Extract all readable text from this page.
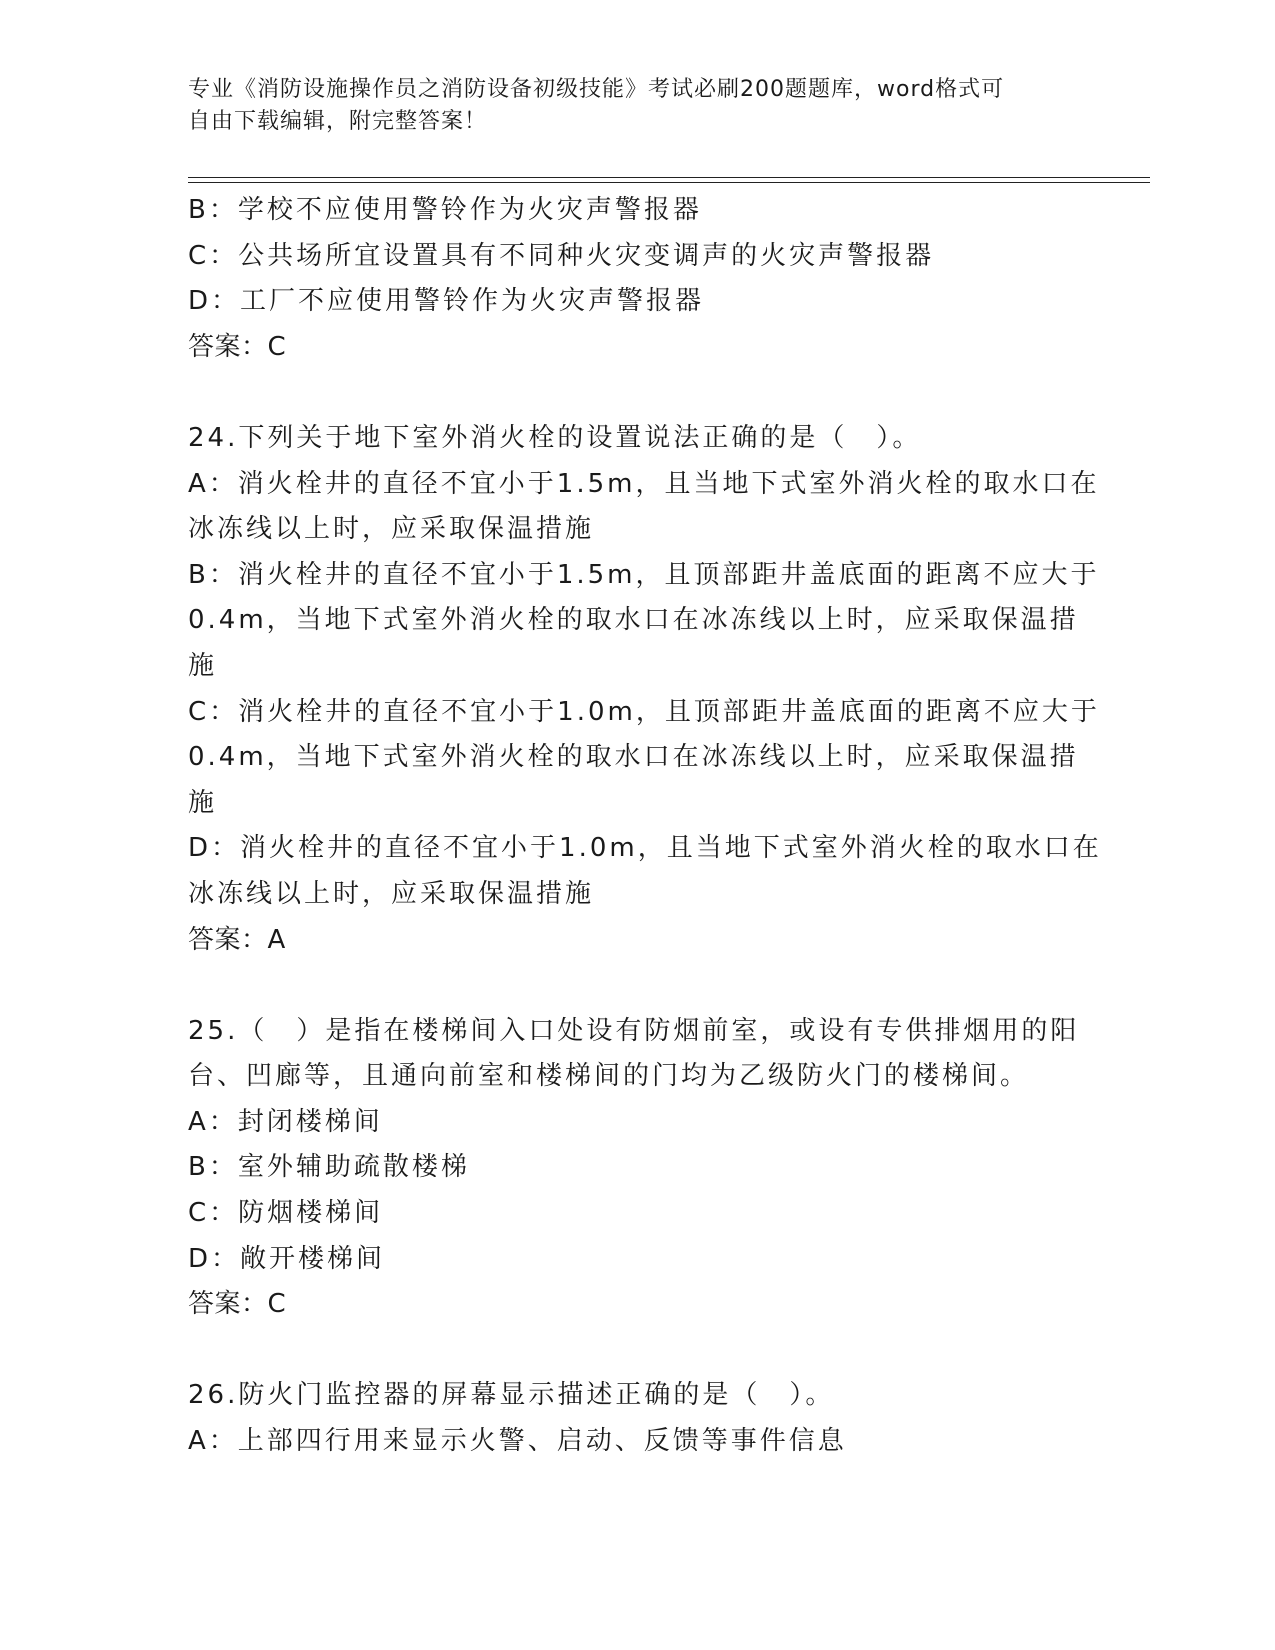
专业《消防设施操作员之消防设备初级技能》考试必刷200题题库，word格式可
自由下载编辑，附完整答案！
B：学校不应使用警铃作为火灾声警报器
C：公共场所宜设置具有不同种火灾变调声的火灾声警报器
D：工厂不应使用警铃作为火灾声警报器
答案：C
24.下列关于地下室外消火栓的设置说法正确的是（　）。
A：消火栓井的直径不宜小于1.5m，且当地下式室外消火栓的取水口在
冰冻线以上时，应采取保温措施
B：消火栓井的直径不宜小于1.5m，且顶部距井盖底面的距离不应大于
0.4m，当地下式室外消火栓的取水口在冰冻线以上时，应采取保温措
施
C：消火栓井的直径不宜小于1.0m，且顶部距井盖底面的距离不应大于
0.4m，当地下式室外消火栓的取水口在冰冻线以上时，应采取保温措
施
D：消火栓井的直径不宜小于1.0m，且当地下式室外消火栓的取水口在
冰冻线以上时，应采取保温措施
答案：A
25.（　）是指在楼梯间入口处设有防烟前室，或设有专供排烟用的阳
台、凹廊等，且通向前室和楼梯间的门均为乙级防火门的楼梯间。
A：封闭楼梯间
B：室外辅助疏散楼梯
C：防烟楼梯间
D：敞开楼梯间
答案：C
26.防火门监控器的屏幕显示描述正确的是（　）。
A：上部四行用来显示火警、启动、反馈等事件信息
